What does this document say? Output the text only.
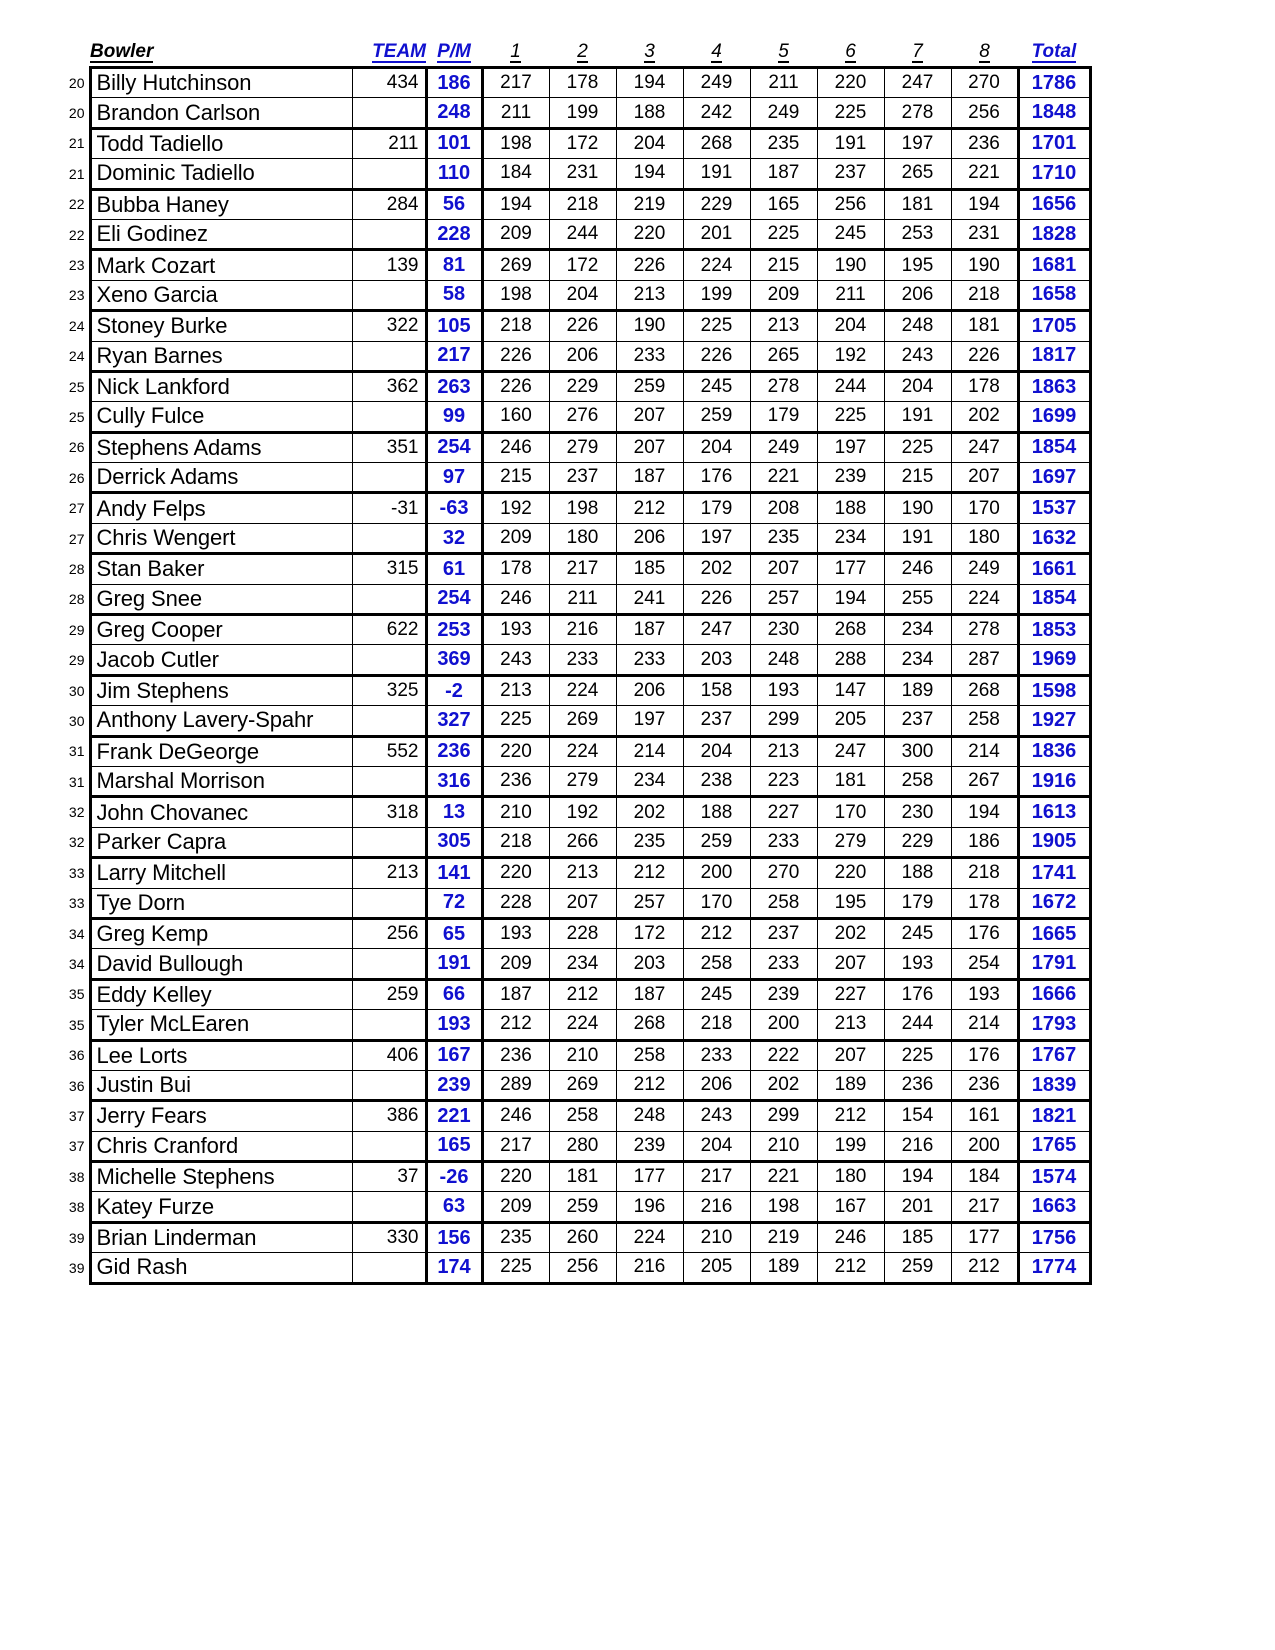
	Bowler	TEAM	P/M	1	2	3	4	5	6	7	8	Total
20	Billy Hutchinson	434	186	217	178	194	249	211	220	247	270	1786
20	Brandon Carlson		248	211	199	188	242	249	225	278	256	1848
21	Todd Tadiello	211	101	198	172	204	268	235	191	197	236	1701
21	Dominic Tadiello		110	184	231	194	191	187	237	265	221	1710
22	Bubba Haney	284	56	194	218	219	229	165	256	181	194	1656
22	Eli Godinez		228	209	244	220	201	225	245	253	231	1828
23	Mark Cozart	139	81	269	172	226	224	215	190	195	190	1681
23	Xeno Garcia		58	198	204	213	199	209	211	206	218	1658
24	Stoney Burke	322	105	218	226	190	225	213	204	248	181	1705
24	Ryan Barnes		217	226	206	233	226	265	192	243	226	1817
25	Nick Lankford	362	263	226	229	259	245	278	244	204	178	1863
25	Cully Fulce		99	160	276	207	259	179	225	191	202	1699
26	Stephens Adams	351	254	246	279	207	204	249	197	225	247	1854
26	Derrick Adams		97	215	237	187	176	221	239	215	207	1697
27	Andy Felps	-31	-63	192	198	212	179	208	188	190	170	1537
27	Chris Wengert		32	209	180	206	197	235	234	191	180	1632
28	Stan Baker	315	61	178	217	185	202	207	177	246	249	1661
28	Greg Snee		254	246	211	241	226	257	194	255	224	1854
29	Greg Cooper	622	253	193	216	187	247	230	268	234	278	1853
29	Jacob Cutler		369	243	233	233	203	248	288	234	287	1969
30	Jim Stephens	325	-2	213	224	206	158	193	147	189	268	1598
30	Anthony Lavery-Spahr		327	225	269	197	237	299	205	237	258	1927
31	Frank DeGeorge	552	236	220	224	214	204	213	247	300	214	1836
31	Marshal Morrison		316	236	279	234	238	223	181	258	267	1916
32	John Chovanec	318	13	210	192	202	188	227	170	230	194	1613
32	Parker Capra		305	218	266	235	259	233	279	229	186	1905
33	Larry Mitchell	213	141	220	213	212	200	270	220	188	218	1741
33	Tye Dorn		72	228	207	257	170	258	195	179	178	1672
34	Greg Kemp	256	65	193	228	172	212	237	202	245	176	1665
34	David Bullough		191	209	234	203	258	233	207	193	254	1791
35	Eddy Kelley	259	66	187	212	187	245	239	227	176	193	1666
35	Tyler McLEaren		193	212	224	268	218	200	213	244	214	1793
36	Lee Lorts	406	167	236	210	258	233	222	207	225	176	1767
36	Justin Bui		239	289	269	212	206	202	189	236	236	1839
37	Jerry Fears	386	221	246	258	248	243	299	212	154	161	1821
37	Chris Cranford		165	217	280	239	204	210	199	216	200	1765
38	Michelle Stephens	37	-26	220	181	177	217	221	180	194	184	1574
38	Katey Furze		63	209	259	196	216	198	167	201	217	1663
39	Brian Linderman	330	156	235	260	224	210	219	246	185	177	1756
39	Gid Rash		174	225	256	216	205	189	212	259	212	1774
